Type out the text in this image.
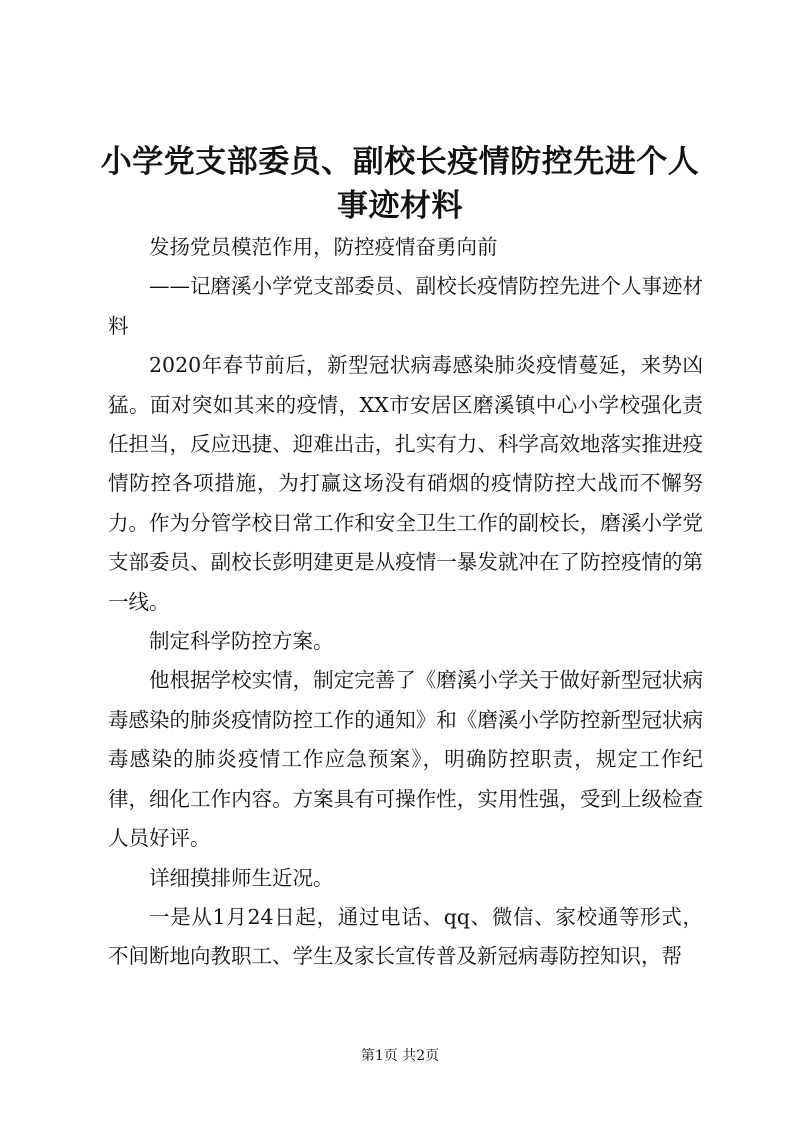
小学党支部委员、副校长疫情防控先进个人事迹材料

发扬党员模范作用，防控疫情奋勇向前

——记磨溪小学党支部委员、副校长疫情防控先进个人事迹材料

2020年春节前后，新型冠状病毒感染肺炎疫情蔓延，来势凶猛。面对突如其来的疫情，XX市安居区磨溪镇中心小学校强化责任担当，反应迅捷、迎难出击，扎实有力、科学高效地落实推进疫情防控各项措施，为打赢这场没有硝烟的疫情防控大战而不懈努力。作为分管学校日常工作和安全卫生工作的副校长，磨溪小学党支部委员、副校长彭明建更是从疫情一暴发就冲在了防控疫情的第一线。

制定科学防控方案。

他根据学校实情，制定完善了《磨溪小学关于做好新型冠状病毒感染的肺炎疫情防控工作的通知》和《磨溪小学防控新型冠状病毒感染的肺炎疫情工作应急预案》，明确防控职责，规定工作纪律，细化工作内容。方案具有可操作性，实用性强，受到上级检查人员好评。

详细摸排师生近况。

一是从1月24日起，通过电话、qq、微信、家校通等形式，不间断地向教职工、学生及家长宣传普及新冠病毒防控知识，帮

第1页 共2页
